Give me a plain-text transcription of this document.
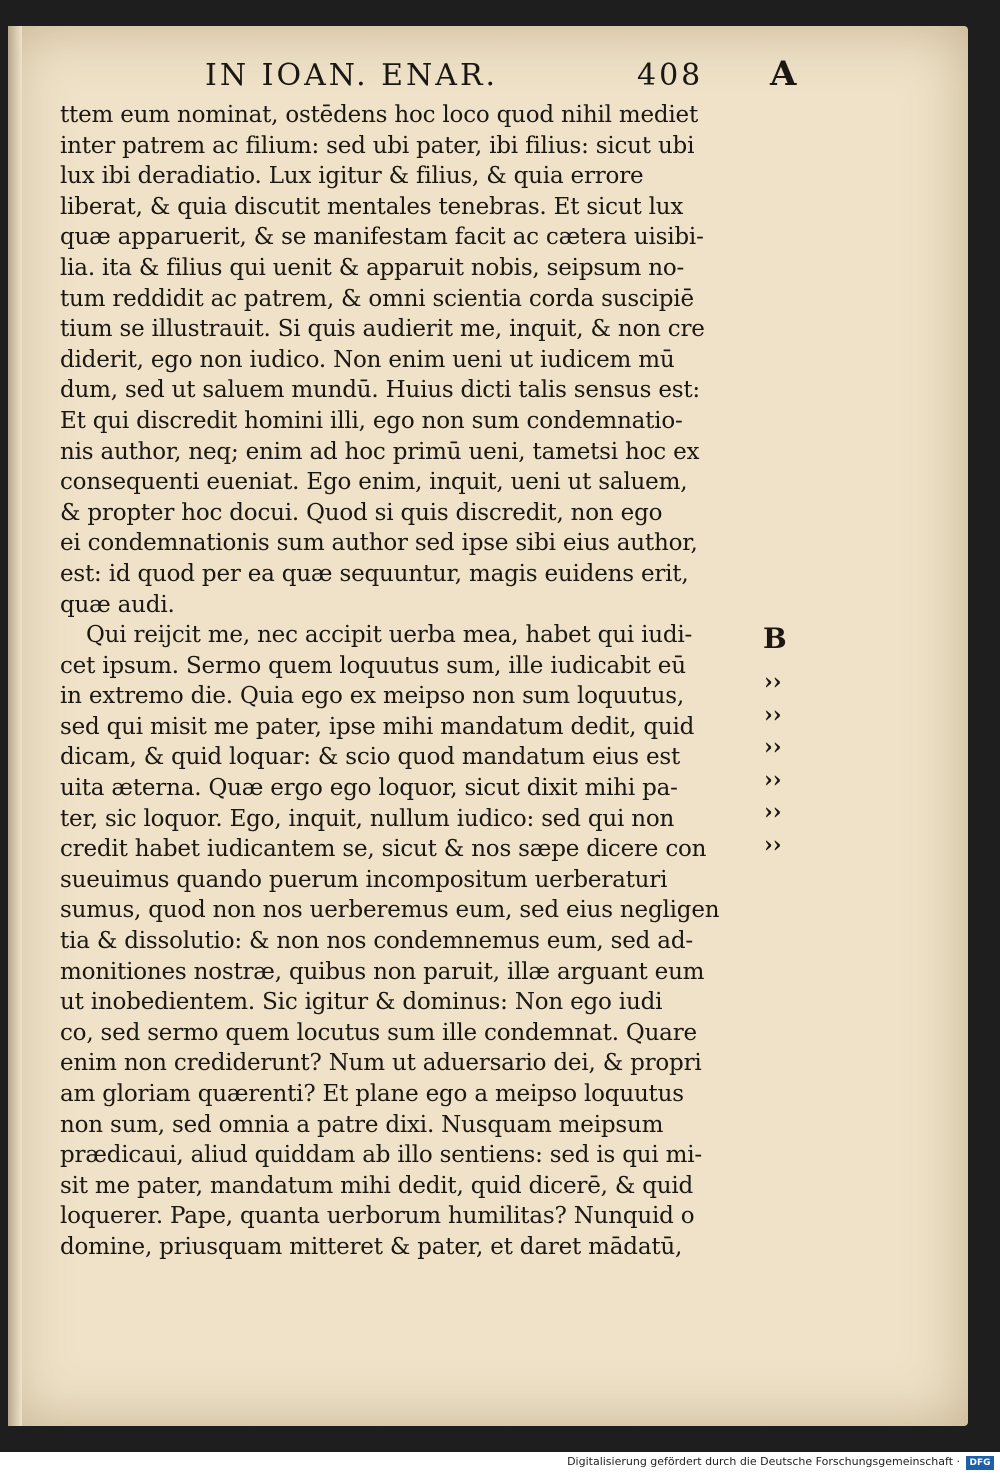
IN IOAN. ENAR.	408 A
ttem eum nominat, ostēdens hoc loco quod nihil mediet
inter patrem ac filium: sed ubi pater, ibi filius: sicut ubi
lux ibi deradiatio. Lux igitur & filius, & quia errore
liberat, & quia discutit mentales tenebras. Et sicut lux
quæ apparuerit, & se manifestam facit ac cætera uisibi-
lia. ita & filius qui uenit & apparuit nobis, seipsum no-
tum reddidit ac patrem, & omni scientia corda suscipiē
tium se illustrauit. Si quis audierit me, inquit, & non cre
diderit, ego non iudico. Non enim ueni ut iudicem mū
dum, sed ut saluem mundū. Huius dicti talis sensus est:
Et qui discredit homini illi, ego non sum condemnatio-
nis author, neq; enim ad hoc primū ueni, tametsi hoc ex
consequenti eueniat. Ego enim, inquit, ueni ut saluem,
& propter hoc docui. Quod si quis discredit, non ego
ei condemnationis sum author sed ipse sibi eius author,
est: id quod per ea quæ sequuntur, magis euidens erit,
quæ audi.
Qui reijcit me, nec accipit uerba mea, habet qui iudi-
cet ipsum. Sermo quem loquutus sum, ille iudicabit eū
in extremo die. Quia ego ex meipso non sum loquutus,
sed qui misit me pater, ipse mihi mandatum dedit, quid
dicam, & quid loquar: & scio quod mandatum eius est
uita æterna. Quæ ergo ego loquor, sicut dixit mihi pa-
ter, sic loquor. Ego, inquit, nullum iudico: sed qui non
credit habet iudicantem se, sicut & nos sæpe dicere con
sueuimus quando puerum incompositum uerberaturi
sumus, quod non nos uerberemus eum, sed eius negligen
tia & dissolutio: & non nos condemnemus eum, sed ad-
monitiones nostræ, quibus non paruit, illæ arguant eum
ut inobedientem. Sic igitur & dominus: Non ego iudi
co, sed sermo quem locutus sum ille condemnat. Quare
enim non crediderunt? Num ut aduersario dei, & propri
am gloriam quærenti? Et plane ego a meipso loquutus
non sum, sed omnia a patre dixi. Nusquam meipsum
prædicaui, aliud quiddam ab illo sentiens: sed is qui mi-
sit me pater, mandatum mihi dedit, quid dicerē, & quid
loquerer. Pape, quanta uerborum humilitas? Nunquid o
domine, priusquam mitteret & pater, et daret mādatū,
B
››
››
››
››
››
››
Digitalisierung gefördert durch die Deutsche Forschungsgemeinschaft ·	DFG
